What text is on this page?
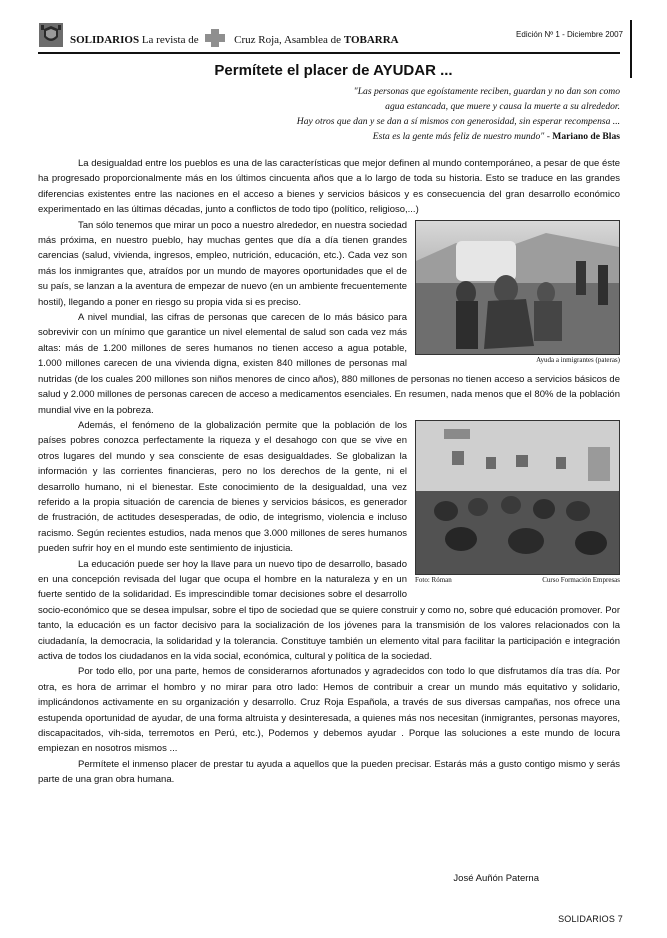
SOLIDARIOS La revista de	Cruz Roja, Asamblea de TOBARRA	Edición Nº 1 - Diciembre 2007
Permítete el placer de AYUDAR ...
"Las personas que egoístamente reciben, guardan y no dan son como
agua estancada, que muere y causa la muerte a su alrededor.
Hay otros que dan y se dan a sí mismos con generosidad, sin esperar recompensa ...
Esta es la gente más feliz de nuestro mundo" - Mariano de Blas

La desigualdad entre los pueblos es una de las características que mejor definen al mundo contemporáneo, a pesar de que éste ha progresado proporcionalmente más en los últimos cincuenta años que a lo largo de toda su historia. Esto se traduce en las grandes diferencias existentes entre las naciones en el acceso a bienes y servicios básicos y es consecuencia del gran desarrollo económico experimentado en las últimas décadas, junto a conflictos de todo tipo (político, religioso,...)

Ayuda a inmigrantes (pateras)

Tan sólo tenemos que mirar un poco a nuestro alrededor, en nuestra sociedad más próxima, en nuestro pueblo, hay muchas gentes que día a día tienen grandes carencias (salud, vivienda, ingresos, empleo, nutrición, educación, etc.). Cada vez son más los inmigrantes que, atraídos por un mundo de mayores oportunidades que el de su país, se lanzan a la aventura de empezar de nuevo (en un ambiente frecuentemente hostil), llegando a poner en riesgo su propia vida si es preciso.

A nivel mundial, las cifras de personas que carecen de lo más básico para sobrevivir con un mínimo que garantice un nivel elemental de salud son cada vez más altas: más de 1.200 millones de seres humanos no tienen acceso a agua potable, 1.000 millones carecen de una vivienda digna, existen 840 millones de personas mal nutridas (de los cuales 200 millones son niños menores de cinco años), 880 millones de personas no tienen acceso a servicios básicos de salud y 2.000 millones de personas carecen de acceso a medicamentos esenciales. En resumen, nada menos que el 80% de la población mundial vive en la pobreza.

Foto: Róman	Curso Formación Empresas

Además, el fenómeno de la globalización permite que la población de los países pobres conozca perfectamente la riqueza y el desahogo con que se vive en otros lugares del mundo y sea consciente de esas desigualdades. Se globalizan la información y las corrientes financieras, pero no los derechos de la gente, ni el desarrollo humano, ni el bienestar. Este conocimiento de la desigualdad, una vez referido a la propia situación de carencia de bienes y servicios básicos, es generador de frustración, de actitudes desesperadas, de odio, de integrismo, violencia e incluso racismo. Según recientes estudios, nada menos que 3.000 millones de seres humanos pueden sufrir hoy en el mundo este sentimiento de injusticia.

La educación puede ser hoy la llave para un nuevo tipo de desarrollo, basado en una concepción revisada del lugar que ocupa el hombre en la naturaleza y en un fuerte sentido de la solidaridad. Es imprescindible tomar decisiones sobre el desarrollo socio-económico que se desea impulsar, sobre el tipo de sociedad que se quiere construir y como no, sobre qué educación promover. Por tanto, la educación es un factor decisivo para la socialización de los jóvenes para la transmisión de los valores relacionados con la ciudadanía, la democracia, la solidaridad y la tolerancia. Constituye también un elemento vital para facilitar la participación e integración activa de todos los ciudadanos en la vida social, económica, cultural y política de la sociedad.

Por todo ello, por una parte, hemos de considerarnos afortunados y agradecidos con todo lo que disfrutamos día tras día. Por otra, es hora de arrimar el hombro y no mirar para otro lado: Hemos de contribuir a crear un mundo más equitativo y solidario, implicándonos activamente en su organización y desarrollo. Cruz Roja Española, a través de sus diversas campañas, nos ofrece una estupenda oportunidad de ayudar, de una forma altruista y desinteresada, a quienes más nos necesitan (inmigrantes, personas mayores, discapacitados, vih-sida, terremotos en Perú, etc.), Podemos y debemos ayudar . Porque las soluciones a este mundo de locura empiezan en nosotros mismos ...

Permítete el inmenso placer de prestar tu ayuda a aquellos que la pueden precisar. Estarás más a gusto contigo mismo y serás parte de una gran obra humana.

José Auñón Paterna
SOLIDARIOS 7
